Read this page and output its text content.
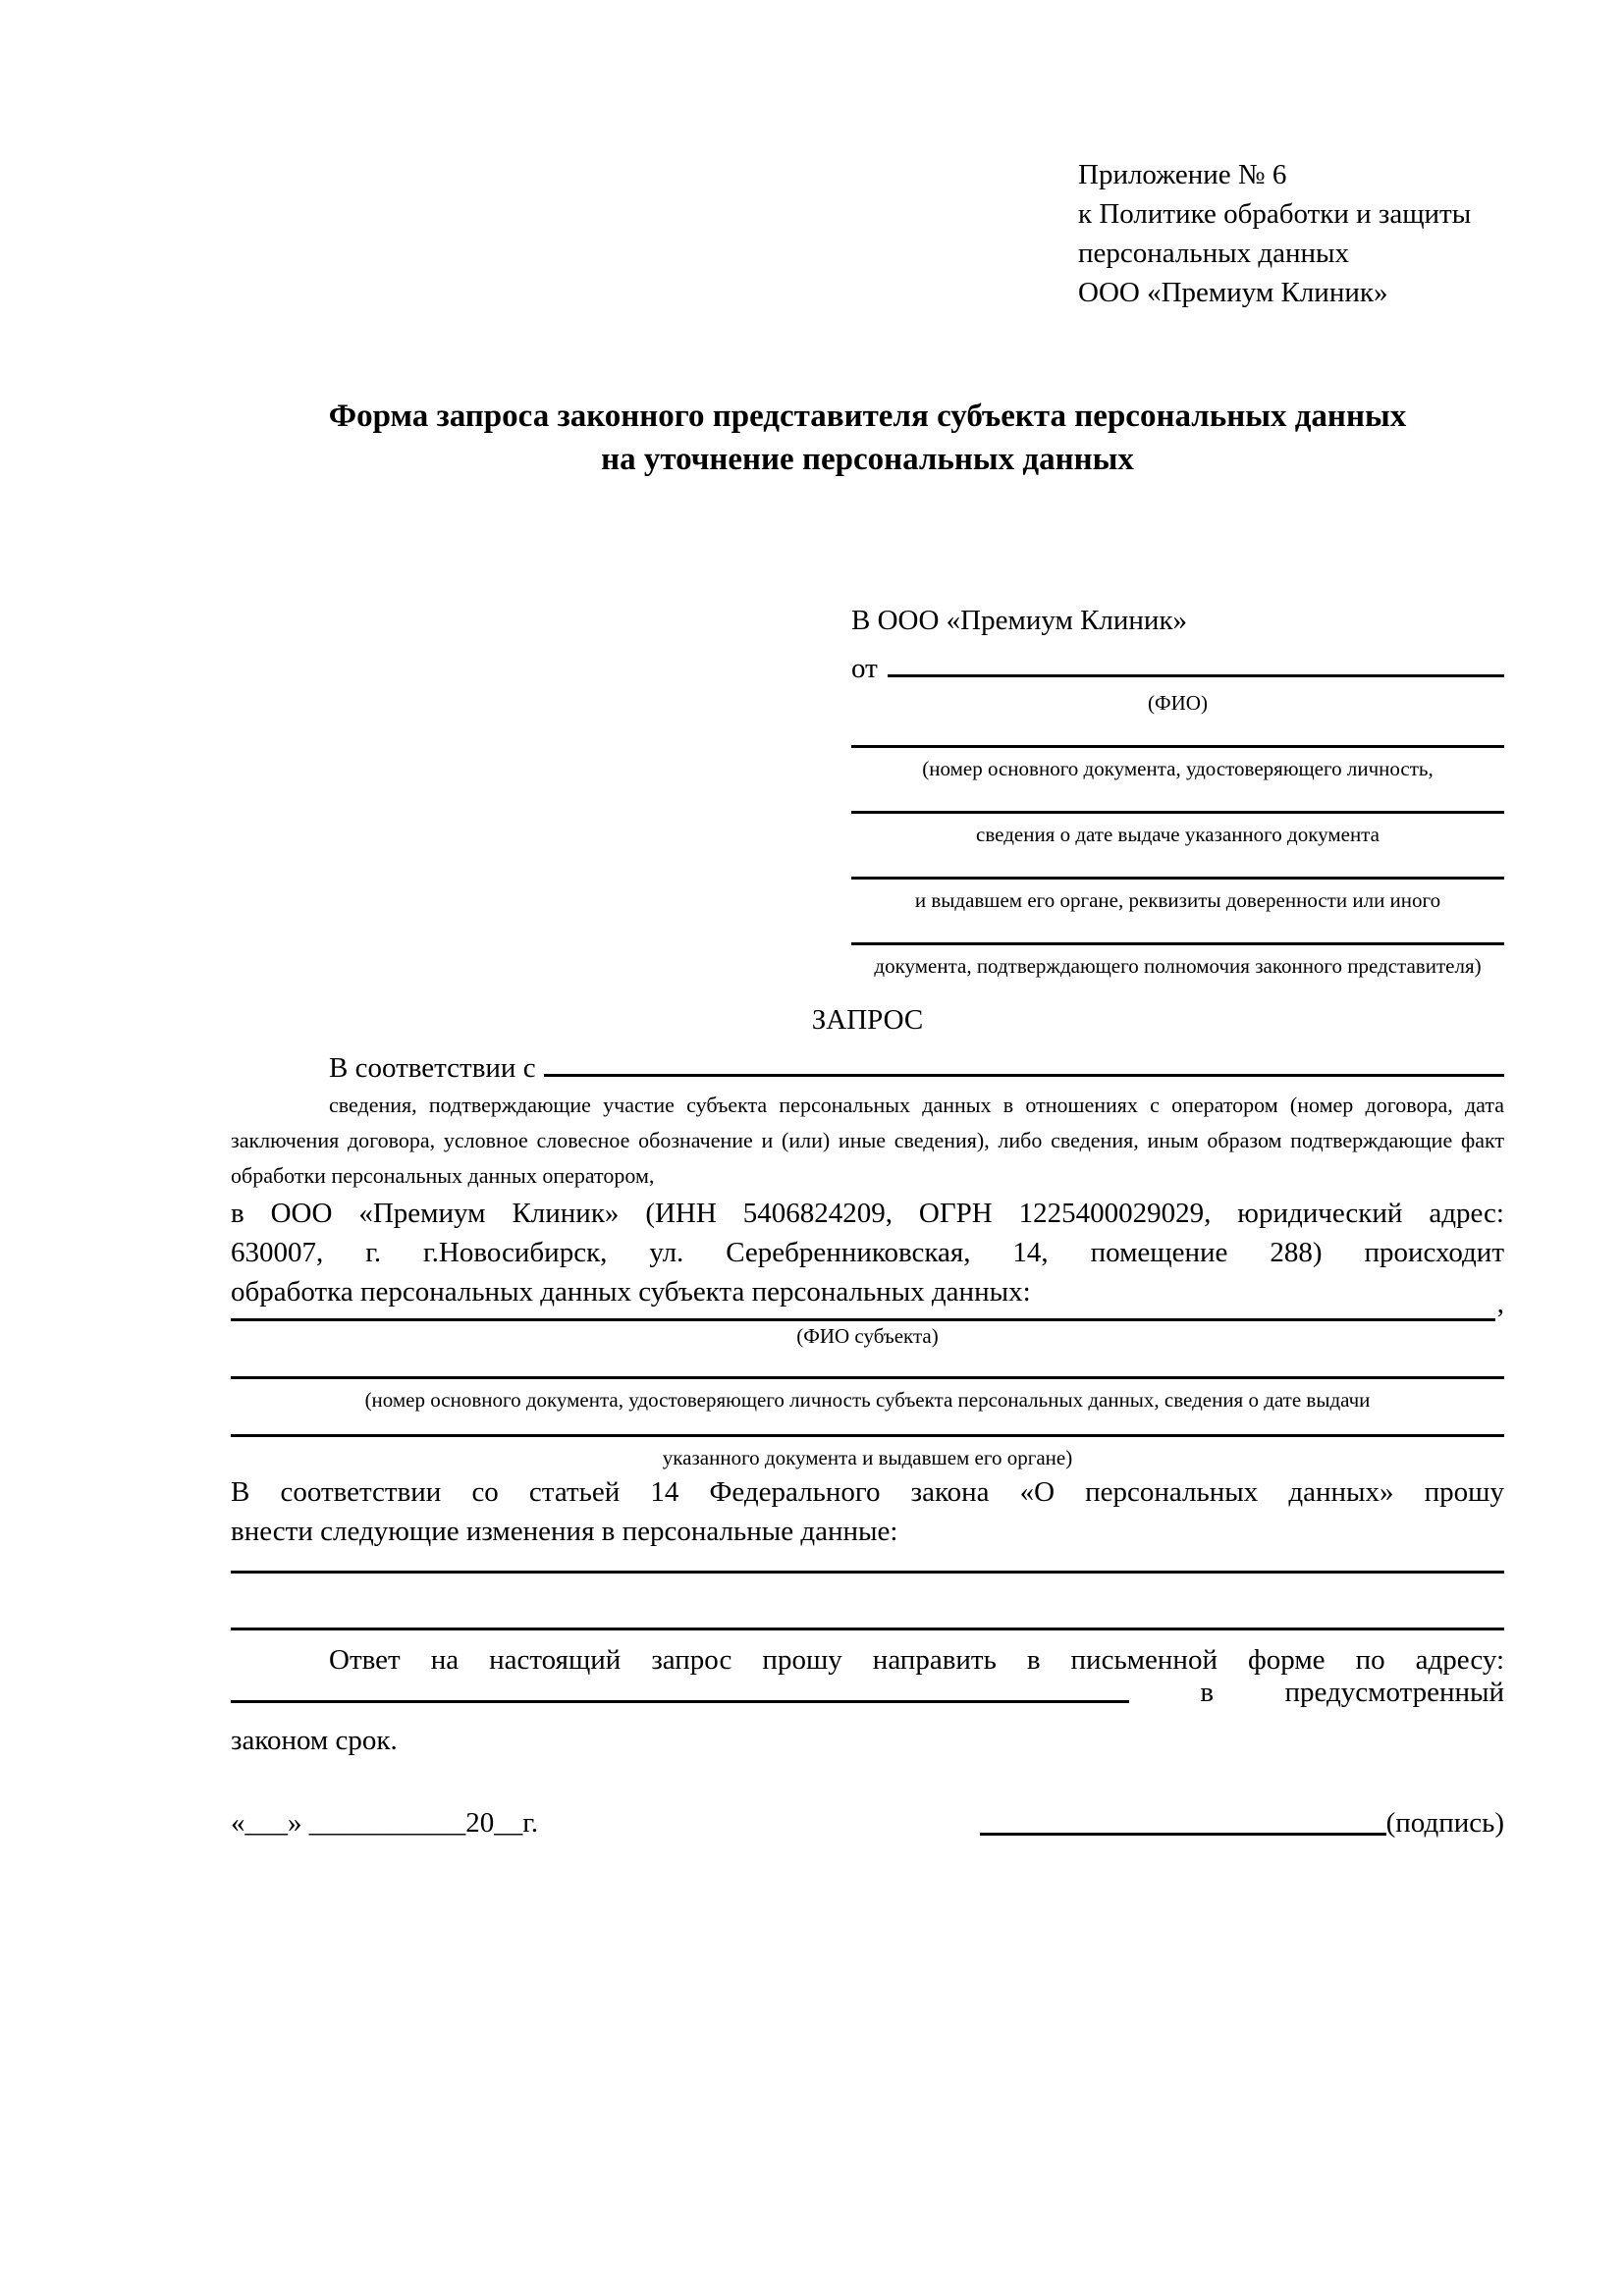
Приложение № 6
к Политике обработки и защиты
персональных данных
ООО «Премиум Клиник»
Форма запроса законного представителя субъекта персональных данных
на уточнение персональных данных
В ООО «Премиум Клиник»
от
(ФИО)
(номер основного документа, удостоверяющего личность,
сведения о дате выдаче указанного документа
и выдавшем его органе, реквизиты доверенности или иного
документа, подтверждающего полномочия законного представителя)
ЗАПРОС
В соответствии с
сведения, подтверждающие участие субъекта персональных данных в отношениях с оператором (номер договора, дата
заключения договора, условное словесное обозначение и (или) иные сведения), либо сведения, иным образом подтверждающие факт
обработки персональных данных оператором,
в ООО «Премиум Клиник» (ИНН 5406824209, ОГРН 1225400029029, юридический адрес:
630007, г. г.Новосибирск, ул. Серебренниковская, 14, помещение 288) происходит
обработка персональных данных субъекта персональных данных:	,
(ФИО субъекта)
(номер основного документа, удостоверяющего личность субъекта персональных данных, сведения о дате выдачи
указанного документа и выдавшем его органе)
В соответствии со статьей 14 Федерального закона «О персональных данных» прошу
внести следующие изменения в персональные данные:
Ответ на настоящий запрос прошу направить в письменной форме по адресу:
в предусмотренный
законом срок.
«___» ___________20__г.	(подпись)
